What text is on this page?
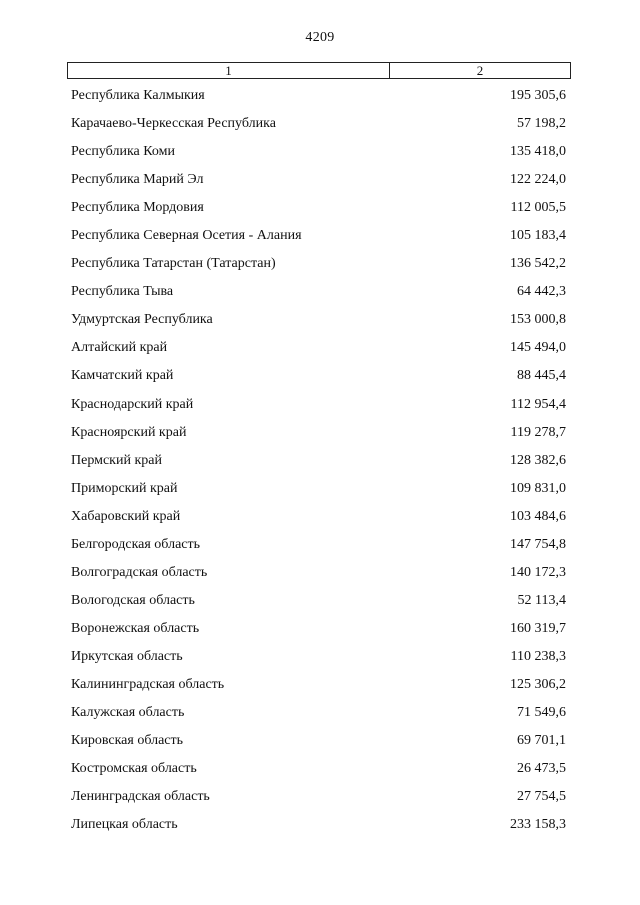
4209
1	2
Республика Калмыкия	195 305,6
Карачаево-Черкесская Республика	57 198,2
Республика Коми	135 418,0
Республика Марий Эл	122 224,0
Республика Мордовия	112 005,5
Республика Северная Осетия - Алания	105 183,4
Республика Татарстан (Татарстан)	136 542,2
Республика Тыва	64 442,3
Удмуртская Республика	153 000,8
Алтайский край	145 494,0
Камчатский край	88 445,4
Краснодарский край	112 954,4
Красноярский край	119 278,7
Пермский край	128 382,6
Приморский край	109 831,0
Хабаровский край	103 484,6
Белгородская область	147 754,8
Волгоградская область	140 172,3
Вологодская область	52 113,4
Воронежская область	160 319,7
Иркутская область	110 238,3
Калининградская область	125 306,2
Калужская область	71 549,6
Кировская область	69 701,1
Костромская область	26 473,5
Ленинградская область	27 754,5
Липецкая область	233 158,3
